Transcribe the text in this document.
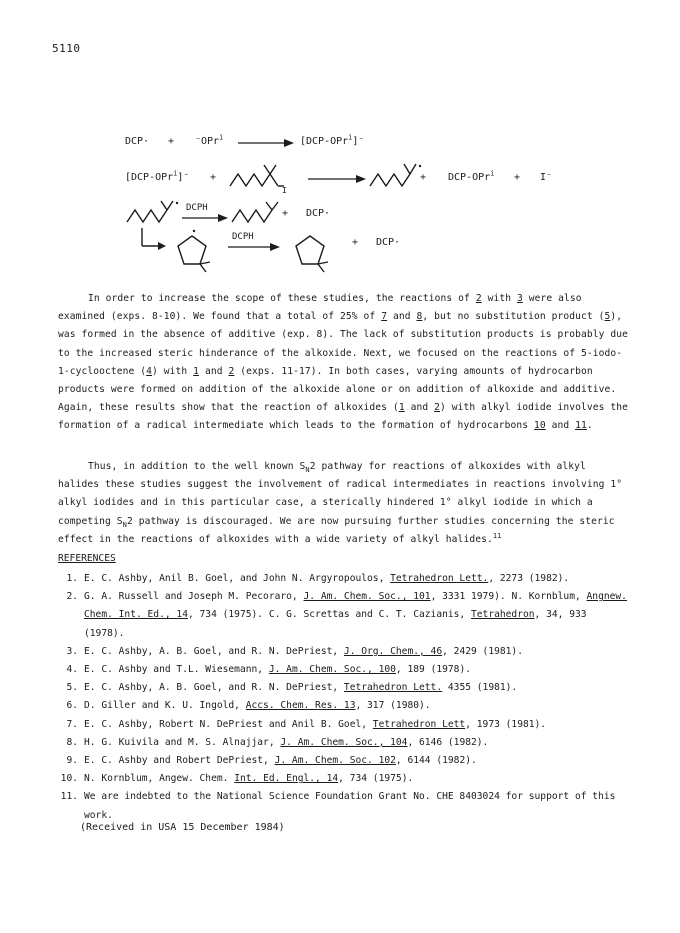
5110
DCP· + ⁻OPr$^i$	[DCP-OPr$^i$]⁻
[DCP-OPr$^i$]⁻ +
I
+ DCP-OPr$^i$ + I⁻
DCPH	+ DCP·
DCPH	+ DCP·

In order to increase the scope of these studies, the reactions of 2 with 3 were also examined (exps. 8-10). We found that a total of 25% of 7 and 8, but no substitution product (5), was formed in the absence of additive (exp. 8). The lack of substitution products is probably due to the increased steric hinderance of the alkoxide. Next, we focused on the reactions of 5-iodo-1-cyclooctene (4) with 1 and 2 (exps. 11-17). In both cases, varying amounts of hydrocarbon products were formed on addition of the alkoxide alone or on addition of alkoxide and additive. Again, these results show that the reaction of alkoxides (1 and 2) with alkyl iodide involves the formation of a radical intermediate which leads to the formation of hydrocarbons 10 and 11.

Thus, in addition to the well known $S_N2$ pathway for reactions of alkoxides with alkyl halides these studies suggest the involvement of radical intermediates in reactions involving 1° alkyl iodides and in this particular case, a sterically hindered 1° alkyl iodide in which a competing $S_N2$ pathway is discouraged. We are now pursuing further studies concerning the steric effect in the reactions of alkoxides with a wide variety of alkyl halides.$^{11}$

REFERENCES
1. E. C. Ashby, Anil B. Goel, and John N. Argyropoulos, Tetrahedron Lett., 2273 (1982).
2. G. A. Russell and Joseph M. Pecoraro, J. Am. Chem. Soc., 101, 3331 1979). N. Kornblum, Angnew. Chem. Int. Ed., 14, 734 (1975). C. G. Screttas and C. T. Cazianis, Tetrahedron, 34, 933 (1978).
3. E. C. Ashby, A. B. Goel, and R. N. DePriest, J. Org. Chem., 46, 2429 (1981).
4. E. C. Ashby and T.L. Wiesemann, J. Am. Chem. Soc., 100, 189 (1978).
5. E. C. Ashby, A. B. Goel, and R. N. DePriest, Tetrahedron Lett. 4355 (1981).
6. D. Giller and K. U. Ingold, Accs. Chem. Res. 13, 317 (1980).
7. E. C. Ashby, Robert N. DePriest and Anil B. Goel, Tetrahedron Lett, 1973 (1981).
8. H. G. Kuivila and M. S. Alnajjar, J. Am. Chem. Soc., 104, 6146 (1982).
9. E. C. Ashby and Robert DePriest, J. Am. Chem. Soc. 102, 6144 (1982).
10. N. Kornblum, Angew. Chem. Int. Ed. Engl., 14, 734 (1975).
11. We are indebted to the National Science Foundation Grant No. CHE 8403024 for support of this work.
(Received in USA 15 December 1984)
